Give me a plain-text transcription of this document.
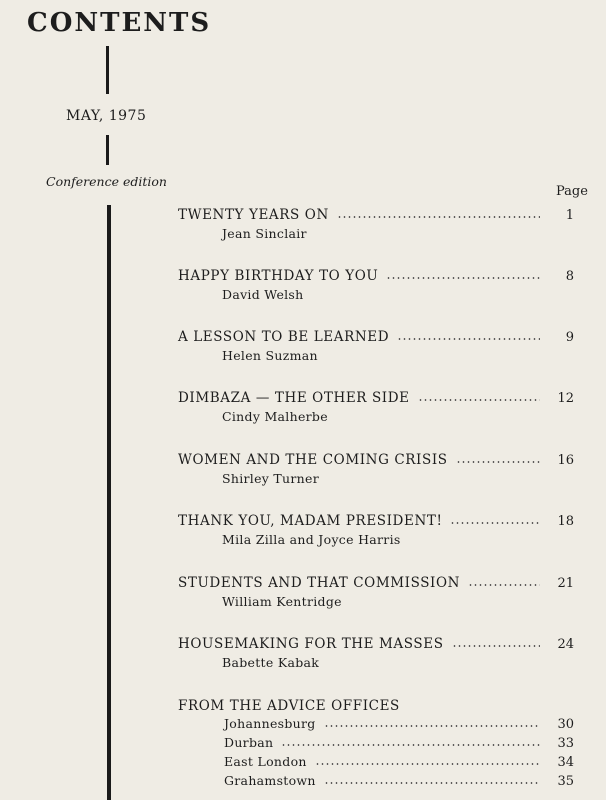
CONTENTS
MAY, 1975
Conference edition
Page
TWENTY YEARS ON	1
Jean Sinclair
HAPPY BIRTHDAY TO YOU	8
David Welsh
A LESSON TO BE LEARNED	9
Helen Suzman
DIMBAZA — THE OTHER SIDE	12
Cindy Malherbe
WOMEN AND THE COMING CRISIS	16
Shirley Turner
THANK YOU, MADAM PRESIDENT!	18
Mila Zilla and Joyce Harris
STUDENTS AND THAT COMMISSION	21
William Kentridge
HOUSEMAKING FOR THE MASSES	24
Babette Kabak
FROM THE ADVICE OFFICES
Johannesburg	30
Durban	33
East London	34
Grahamstown	35
